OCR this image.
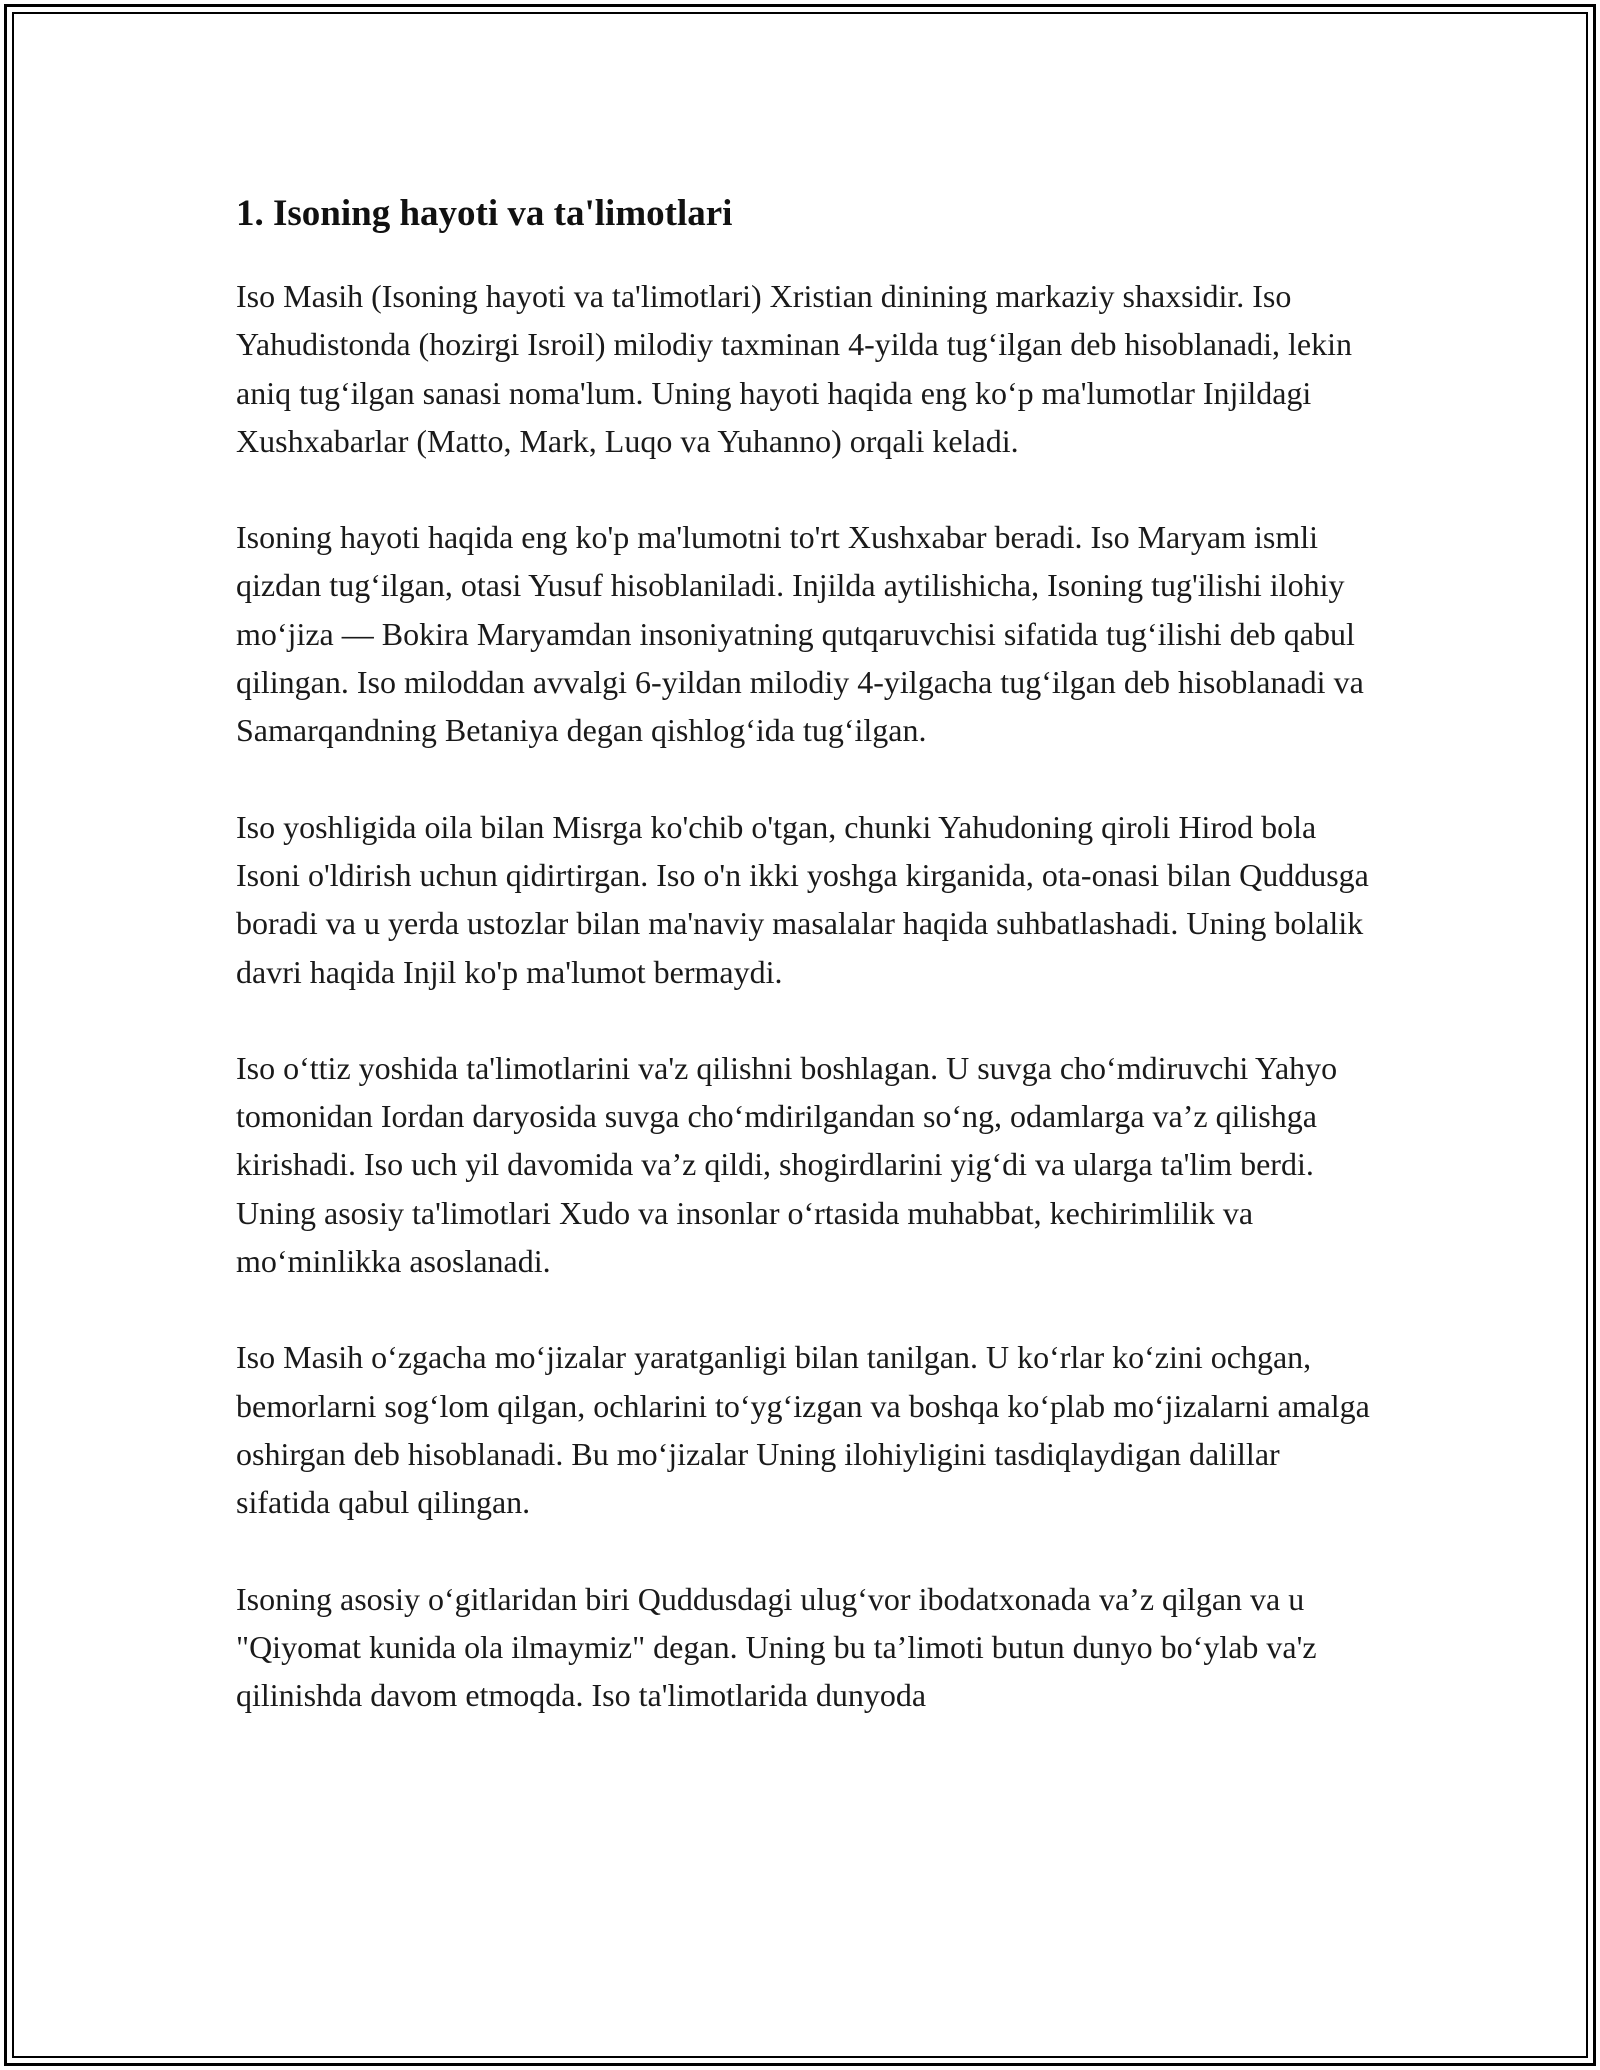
1. Isoning hayoti va ta'limotlari

Iso Masih (Isoning hayoti va ta'limotlari) Xristian dinining markaziy shaxsidir. Iso Yahudistonda (hozirgi Isroil) milodiy taxminan 4-yilda tug‘ilgan deb hisoblanadi, lekin aniq tug‘ilgan sanasi noma'lum. Uning hayoti haqida eng ko‘p ma'lumotlar Injildagi Xushxabarlar (Matto, Mark, Luqo va Yuhanno) orqali keladi.

Isoning hayoti haqida eng ko'p ma'lumotni to'rt Xushxabar beradi. Iso Maryam ismli qizdan tug‘ilgan, otasi Yusuf hisoblaniladi. Injilda aytilishicha, Isoning tug'ilishi ilohiy mo‘jiza — Bokira Maryamdan insoniyatning qutqaruvchisi sifatida tug‘ilishi deb qabul qilingan. Iso miloddan avvalgi 6-yildan milodiy 4-yilgacha tug‘ilgan deb hisoblanadi va Samarqandning Betaniya degan qishlog‘ida tug‘ilgan.

Iso yoshligida oila bilan Misrga ko'chib o'tgan, chunki Yahudoning qiroli Hirod bola Isoni o'ldirish uchun qidirtirgan. Iso o'n ikki yoshga kirganida, ota-onasi bilan Quddusga boradi va u yerda ustozlar bilan ma'naviy masalalar haqida suhbatlashadi. Uning bolalik davri haqida Injil ko'p ma'lumot bermaydi.

Iso o‘ttiz yoshida ta'limotlarini va'z qilishni boshlagan. U suvga cho‘mdiruvchi Yahyo tomonidan Iordan daryosida suvga cho‘mdirilgandan so‘ng, odamlarga va’z qilishga kirishadi. Iso uch yil davomida va’z qildi, shogirdlarini yig‘di va ularga ta'lim berdi. Uning asosiy ta'limotlari Xudo va insonlar o‘rtasida muhabbat, kechirimlilik va mo‘minlikka asoslanadi.

Iso Masih o‘zgacha mo‘jizalar yaratganligi bilan tanilgan. U ko‘rlar ko‘zini ochgan, bemorlarni sog‘lom qilgan, ochlarini to‘yg‘izgan va boshqa ko‘plab mo‘jizalarni amalga oshirgan deb hisoblanadi. Bu mo‘jizalar Uning ilohiyligini tasdiqlaydigan dalillar sifatida qabul qilingan.

Isoning asosiy o‘gitlaridan biri Quddusdagi ulug‘vor ibodatxonada va’z qilgan va u "Qiyomat kunida ola ilmaymiz" degan. Uning bu ta’limoti butun dunyo bo‘ylab va'z qilinishda davom etmoqda. Iso ta'limotlarida dunyoda
